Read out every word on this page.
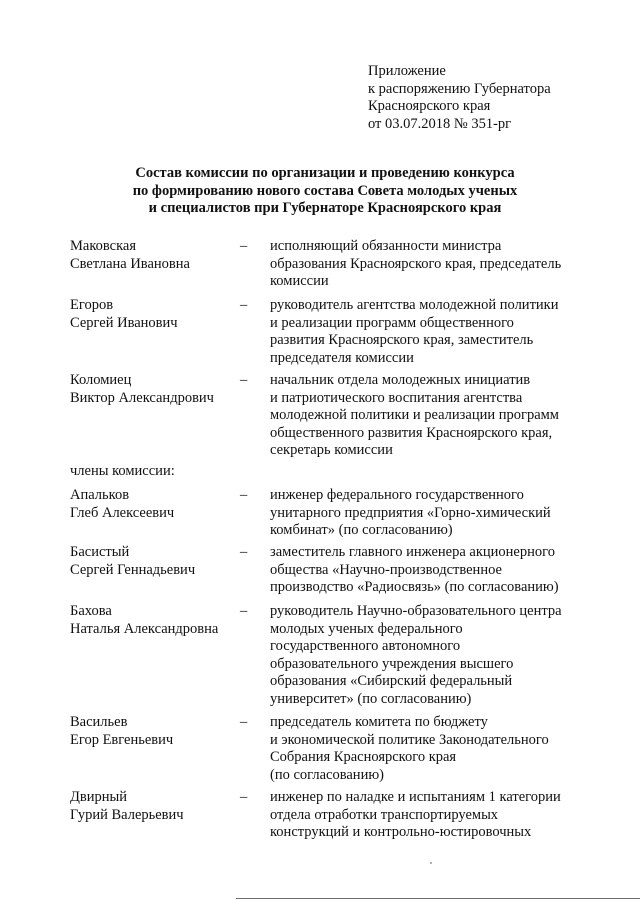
Приложение
к распоряжению Губернатора
Красноярского края
от 03.07.2018 № 351-рг
Состав комиссии по организации и проведению конкурса
по формированию нового состава Совета молодых ученых
и специалистов при Губернаторе Красноярского края
Маковская
Светлана Ивановна
–	исполняющий обязанности министра
образования Красноярского края, председатель
комиссии
Егоров
Сергей Иванович
–	руководитель агентства молодежной политики
и реализации программ общественного
развития Красноярского края, заместитель
председателя комиссии
Коломиец
Виктор Александрович
–	начальник отдела молодежных инициатив
и патриотического воспитания агентства
молодежной политики и реализации программ
общественного развития Красноярского края,
секретарь комиссии
члены комиссии:
Апальков
Глеб Алексеевич
–	инженер федерального государственного
унитарного предприятия «Горно-химический
комбинат» (по согласованию)
Басистый
Сергей Геннадьевич
–	заместитель главного инженера акционерного
общества «Научно-производственное
производство «Радиосвязь» (по согласованию)
Бахова
Наталья Александровна
–	руководитель Научно-образовательного центра
молодых ученых федерального
государственного автономного
образовательного учреждения высшего
образования «Сибирский федеральный
университет» (по согласованию)
Васильев
Егор Евгеньевич
–	председатель комитета по бюджету
и экономической политике Законодательного
Собрания Красноярского края
(по согласованию)
Двирный
Гурий Валерьевич
–	инженер по наладке и испытаниям 1 категории
отдела отработки транспортируемых
конструкций и контрольно-юстировочных
